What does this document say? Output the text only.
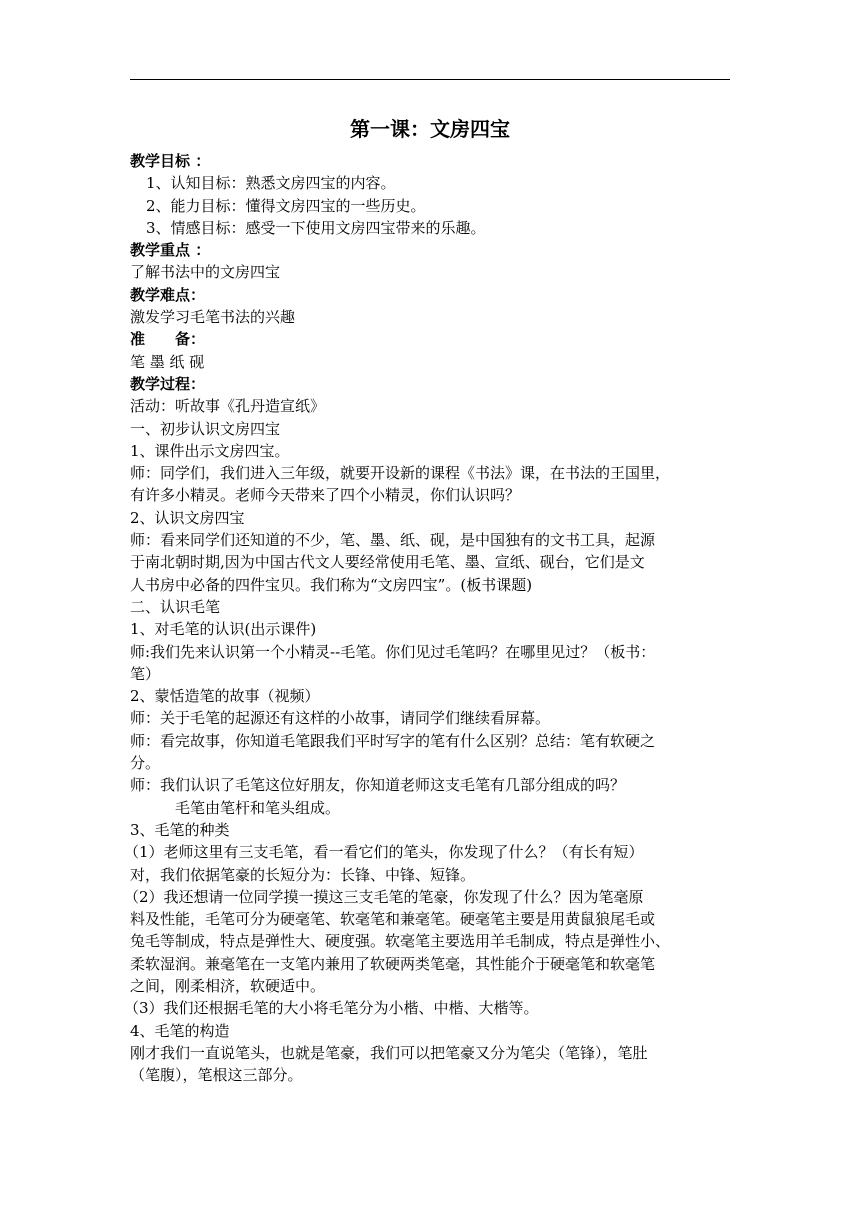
第一课：文房四宝
教学目标 ：
1、认知目标：熟悉文房四宝的内容。
2、能力目标：懂得文房四宝的一些历史。
3、情感目标：感受一下使用文房四宝带来的乐趣。
教学重点 ：
了解书法中的文房四宝
教学难点：
激发学习毛笔书法的兴趣
准　　备：
笔 墨 纸 砚
教学过程：
活动：听故事《孔丹造宣纸》
一、初步认识文房四宝
1、课件出示文房四宝。
师：同学们，我们进入三年级，就要开设新的课程《书法》课，在书法的王国里，
有许多小精灵。老师今天带来了四个小精灵，你们认识吗？
2、认识文房四宝
师：看来同学们还知道的不少，笔、墨、纸、砚，是中国独有的文书工具，起源
于南北朝时期,因为中国古代文人要经常使用毛笔、墨、宣纸、砚台，它们是文
人书房中必备的四件宝贝。我们称为“文房四宝”。(板书课题)
二、认识毛笔
1、对毛笔的认识(出示课件)
师:我们先来认识第一个小精灵--毛笔。你们见过毛笔吗？在哪里见过？（板书：
笔）
2、蒙恬造笔的故事（视频）
师：关于毛笔的起源还有这样的小故事，请同学们继续看屏幕。
师：看完故事，你知道毛笔跟我们平时写字的笔有什么区别？总结：笔有软硬之
分。
师：我们认识了毛笔这位好朋友，你知道老师这支毛笔有几部分组成的吗？
毛笔由笔杆和笔头组成。
3、毛笔的种类
（1）老师这里有三支毛笔，看一看它们的笔头，你发现了什么？（有长有短）
对，我们依据笔豪的长短分为：长锋、中锋、短锋。
（2）我还想请一位同学摸一摸这三支毛笔的笔豪，你发现了什么？因为笔毫原
料及性能，毛笔可分为硬毫笔、软毫笔和兼毫笔。硬毫笔主要是用黄鼠狼尾毛或
兔毛等制成，特点是弹性大、硬度强。软毫笔主要选用羊毛制成，特点是弹性小、
柔软湿润。兼毫笔在一支笔内兼用了软硬两类笔毫，其性能介于硬毫笔和软毫笔
之间，刚柔相济，软硬适中。
（3）我们还根据毛笔的大小将毛笔分为小楷、中楷、大楷等。
4、毛笔的构造
刚才我们一直说笔头，也就是笔豪，我们可以把笔豪又分为笔尖（笔锋），笔肚
（笔腹），笔根这三部分。
